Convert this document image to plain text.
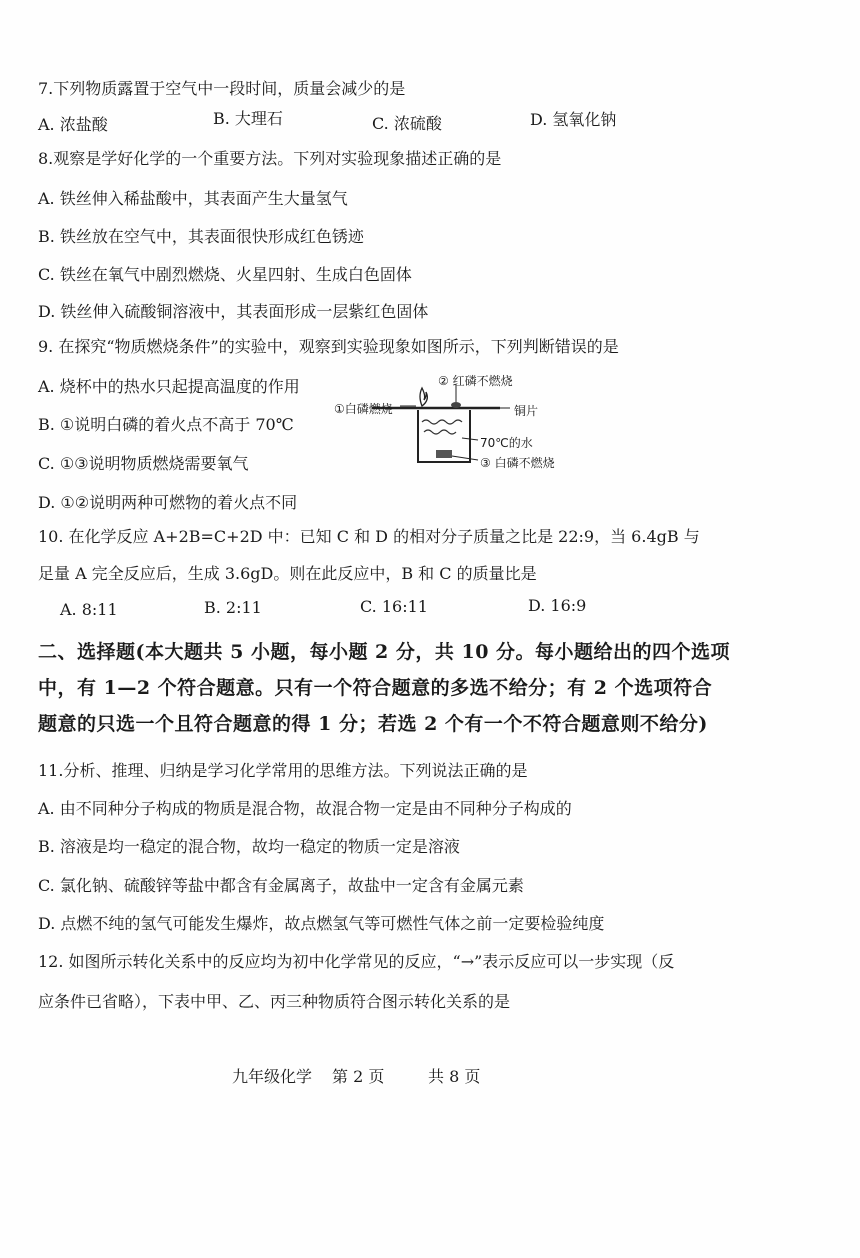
7.下列物质露置于空气中一段时间，质量会减少的是
A. 浓盐酸	B. 大理石	C. 浓硫酸	D. 氢氧化钠
8.观察是学好化学的一个重要方法。下列对实验现象描述正确的是
A. 铁丝伸入稀盐酸中，其表面产生大量氢气
B. 铁丝放在空气中，其表面很快形成红色锈迹
C. 铁丝在氧气中剧烈燃烧、火星四射、生成白色固体
D. 铁丝伸入硫酸铜溶液中，其表面形成一层紫红色固体
9. 在探究“物质燃烧条件”的实验中，观察到实验现象如图所示，下列判断错误的是
A. 烧杯中的热水只起提高温度的作用
B. ①说明白磷的着火点不高于 70℃
C. ①③说明物质燃烧需要氧气
D. ①②说明两种可燃物的着火点不同
② 红磷不燃烧
①白磷燃烧	铜片
70℃的水
③ 白磷不燃烧
10. 在化学反应 A+2B=C+2D 中：已知 C 和 D 的相对分子质量之比是 22:9，当 6.4gB 与
足量 A 完全反应后，生成 3.6gD。则在此反应中，B 和 C 的质量比是
A. 8:11	B. 2:11	C. 16:11	D. 16:9
二、选择题(本大题共 5 小题，每小题 2 分，共 10 分。每小题给出的四个选项
中，有 1—2 个符合题意。只有一个符合题意的多选不给分；有 2 个选项符合
题意的只选一个且符合题意的得 1 分；若选 2 个有一个不符合题意则不给分)
11.分析、推理、归纳是学习化学常用的思维方法。下列说法正确的是
A. 由不同种分子构成的物质是混合物，故混合物一定是由不同种分子构成的
B. 溶液是均一稳定的混合物，故均一稳定的物质一定是溶液
C. 氯化钠、硫酸锌等盐中都含有金属离子，故盐中一定含有金属元素
D. 点燃不纯的氢气可能发生爆炸，故点燃氢气等可燃性气体之前一定要检验纯度
12. 如图所示转化关系中的反应均为初中化学常见的反应，“→”表示反应可以一步实现（反
应条件已省略），下表中甲、乙、丙三种物质符合图示转化关系的是
九年级化学 第 2 页	共 8 页
